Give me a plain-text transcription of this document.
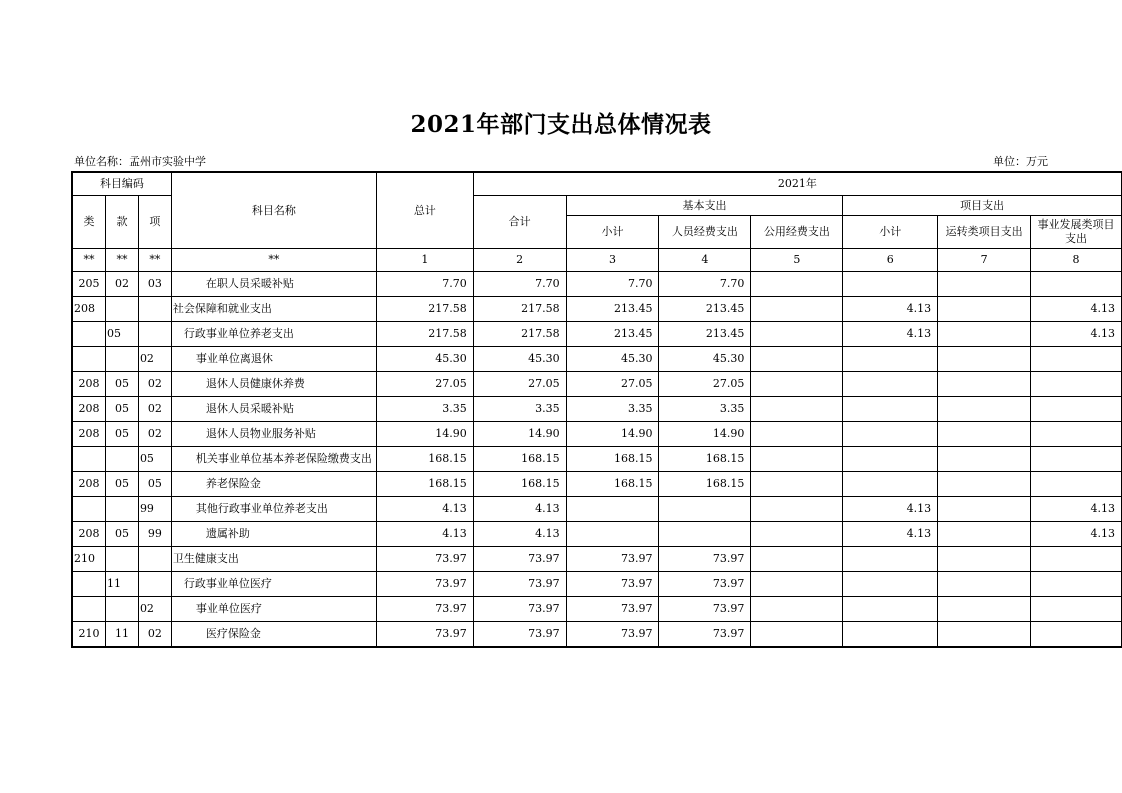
2021年部门支出总体情况表
单位名称：孟州市实验中学	单位：万元
科目编码			科目名称	总计	2021年						
类	款	项			合计	基本支出			项目支出		
						小计	人员经费支出	公用经费支出	小计	运转类项目支出	事业发展类项目支出
**	**	**	**	1	2	3	4	5	6	7	8
205	02	03	在职人员采暖补贴	7.70	7.70	7.70	7.70				
208			社会保障和就业支出	217.58	217.58	213.45	213.45		4.13		4.13
	05		行政事业单位养老支出	217.58	217.58	213.45	213.45		4.13		4.13
		02	事业单位离退休	45.30	45.30	45.30	45.30				
208	05	02	退休人员健康休养费	27.05	27.05	27.05	27.05				
208	05	02	退休人员采暖补贴	3.35	3.35	3.35	3.35				
208	05	02	退休人员物业服务补贴	14.90	14.90	14.90	14.90				
		05	机关事业单位基本养老保险缴费支出	168.15	168.15	168.15	168.15				
208	05	05	养老保险金	168.15	168.15	168.15	168.15				
		99	其他行政事业单位养老支出	4.13	4.13				4.13		4.13
208	05	99	遗属补助	4.13	4.13				4.13		4.13
210			卫生健康支出	73.97	73.97	73.97	73.97				
	11		行政事业单位医疗	73.97	73.97	73.97	73.97				
		02	事业单位医疗	73.97	73.97	73.97	73.97				
210	11	02	医疗保险金	73.97	73.97	73.97	73.97				
